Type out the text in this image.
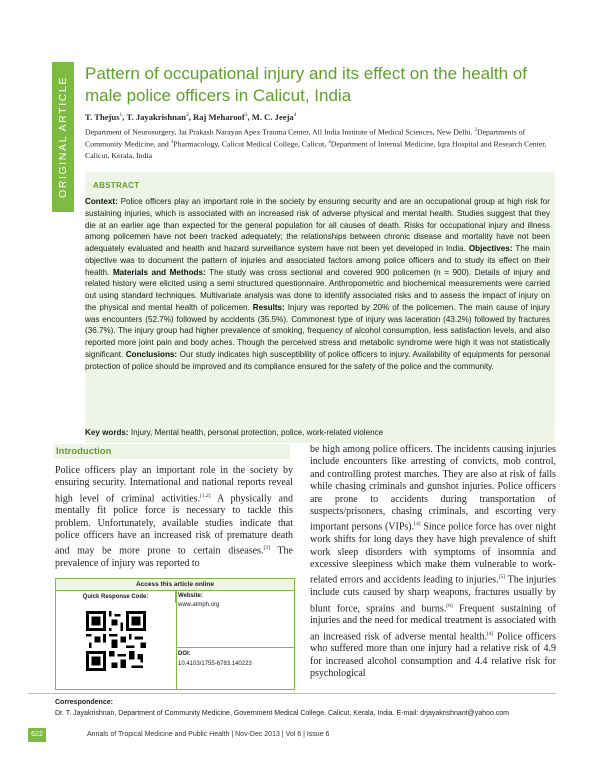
ORIGINAL ARTICLE
Pattern of occupational injury and its effect on the health of male police officers in Calicut, India
T. Thejus$^1$, T. Jayakrishnan$^2$, Raj Meharoof$^3$, M. C. Jeeja$^4$
Department of Neurosurgery, Jai Prakash Narayan Apex Trauma Center, All India Institute of Medical Sciences, New Delhi. $^2$Departments of Community Medicine, and $^3$Pharmacology, Calicut Medical College, Calicut, $^4$Department of Internal Medicine, Iqra Hospital and Research Center, Calicut, Kerala, India
ABSTRACT
Context: Police officers play an important role in the society by ensuring security and are an occupational group at high risk for sustaining injuries, which is associated with an increased risk of adverse physical and mental health. Studies suggest that they die at an earlier age than expected for the general population for all causes of death. Risks for occupational injury and illness among policemen have not been tracked adequately; the relationships between chronic disease and mortality have not been adequately evaluated and health and hazard surveillance system have not been yet developed in India. Objectives: The main objective was to document the pattern of injuries and associated factors among police officers and to study its effect on their health. Materials and Methods: The study was cross sectional and covered 900 policemen (n = 900). Details of injury and related history were elicited using a semi structured questionnaire. Anthropometric and biochemical measurements were carried out using standard techniques. Multivariate analysis was done to identify associated risks and to assess the impact of injury on the physical and mental health of policemen. Results: Injury was reported by 20% of the policemen. The main cause of injury was encounters (52.7%) followed by accidents (35.5%). Commonest type of injury was laceration (43.2%) followed by fractures (36.7%). The injury group had higher prevalence of smoking, frequency of alcohol consumption, less satisfaction levels, and also reported more joint pain and body aches. Though the perceived stress and metabolic syndrome were high it was not statistically significant. Conclusions: Our study indicates high susceptibility of police officers to injury. Availability of equipments for personal protection of police should be improved and its compliance ensured for the safety of the police and the community.
Key words: Injury, Mental health, personal protection, police, work-related violence
Introduction
Police officers play an important role in the society by ensuring security. International and national reports reveal high level of criminal activities.[1,2] A physically and mentally fit police force is necessary to tackle this problem. Unfortunately, available studies indicate that police officers have an increased risk of premature death and may be more prone to certain diseases.[3] The prevalence of injury was reported to
be high among police officers. The incidents causing injuries include encounters like arresting of convicts, mob control, and controlling protest marches. They are also at risk of falls while chasing criminals and gunshot injuries. Police officers are prone to accidents during transportation of suspects/prisoners, chasing criminals, and escorting very important persons (VIPs).[4] Since police force has over night work shifts for long days they have high prevalence of shift work sleep disorders with symptoms of insomnia and excessive sleepiness which make them vulnerable to work-related errors and accidents leading to injuries.[5] The injuries include cuts caused by sharp weapons, fractures usually by blunt force, sprains and burns.[6] Frequent sustaining of injuries and the need for medical treatment is associated with an increased risk of adverse mental health.[4] Police officers who suffered more than one injury had a relative risk of 4.9 for increased alcohol consumption and 4.4 relative risk for psychological
Access this article online
Quick Response Code:	Website:
www.atmph.org
DOI:
10.4103/1755-6783.140223
Correspondence:
Dr. T. Jayakrishnan, Department of Community Medicine, Government Medical College. Calicut, Kerala, India. E-mail: drjayakrishnant@yahoo.com
622	Annals of Tropical Medicine and Public Health | Nov-Dec 2013 | Vol 6 | Issue 6
